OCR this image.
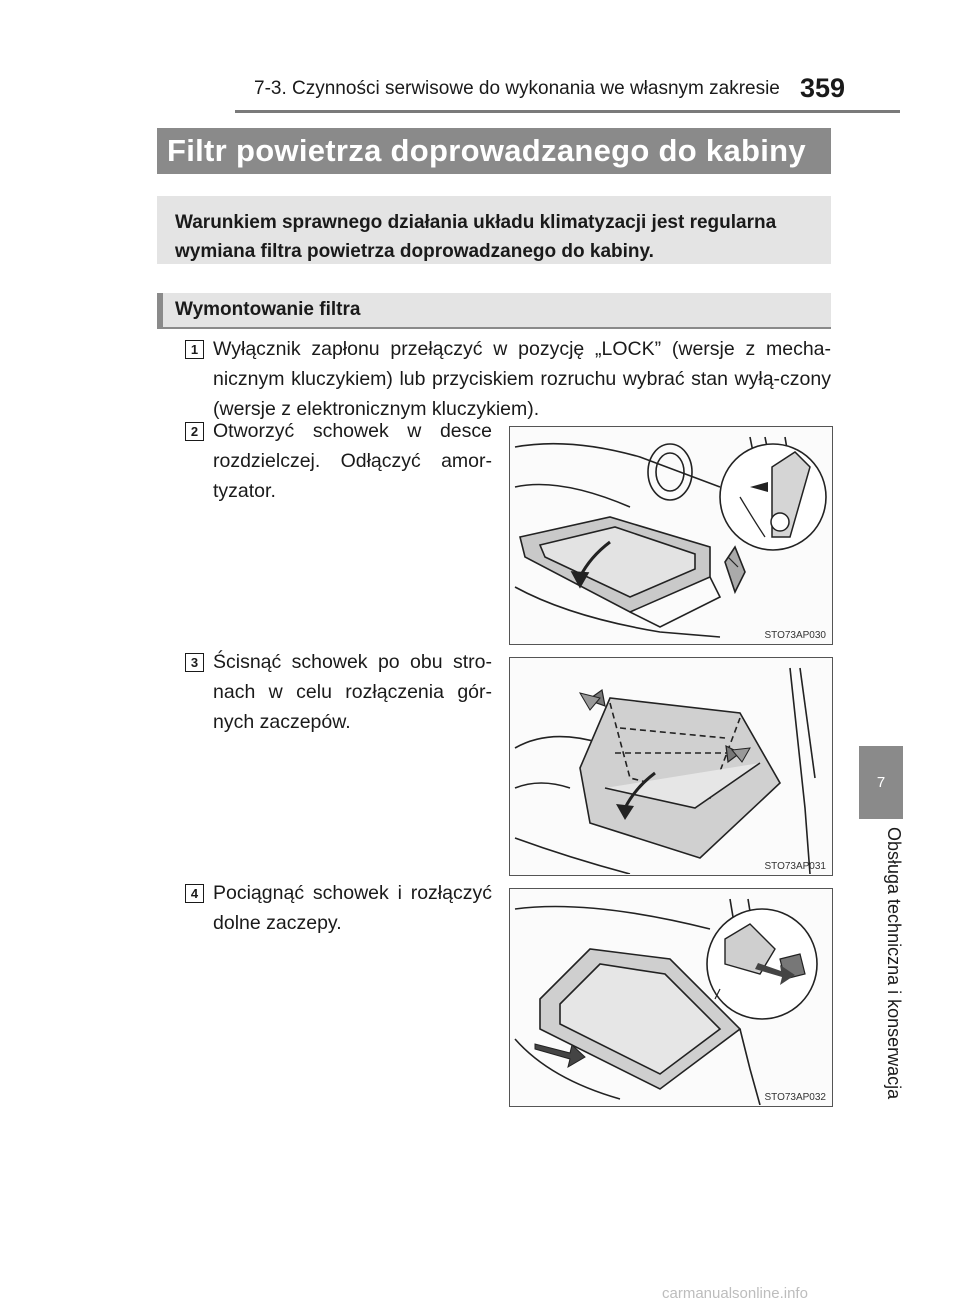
7-3. Czynności serwisowe do wykonania we własnym zakresie 359
Filtr powietrza doprowadzanego do kabiny
Warunkiem sprawnego działania układu klimatyzacji jest regularna wymiana filtra powietrza doprowadzanego do kabiny.
Wymontowanie filtra
1 Wyłącznik zapłonu przełączyć w pozycję „LOCK” (wersje z mecha-nicznym kluczykiem) lub przyciskiem rozruchu wybrać stan wyłą-czony (wersje z elektronicznym kluczykiem).
2 Otworzyć schowek w desce rozdzielczej. Odłączyć amor-tyzator.
STO73AP030
3 Ścisnąć schowek po obu stro-nach w celu rozłączenia gór-nych zaczepów.
STO73AP031
4 Pociągnąć schowek i rozłączyć dolne zaczepy.
STO73AP032
7
Obsługa techniczna i konserwacja
carmanualsonline.info
